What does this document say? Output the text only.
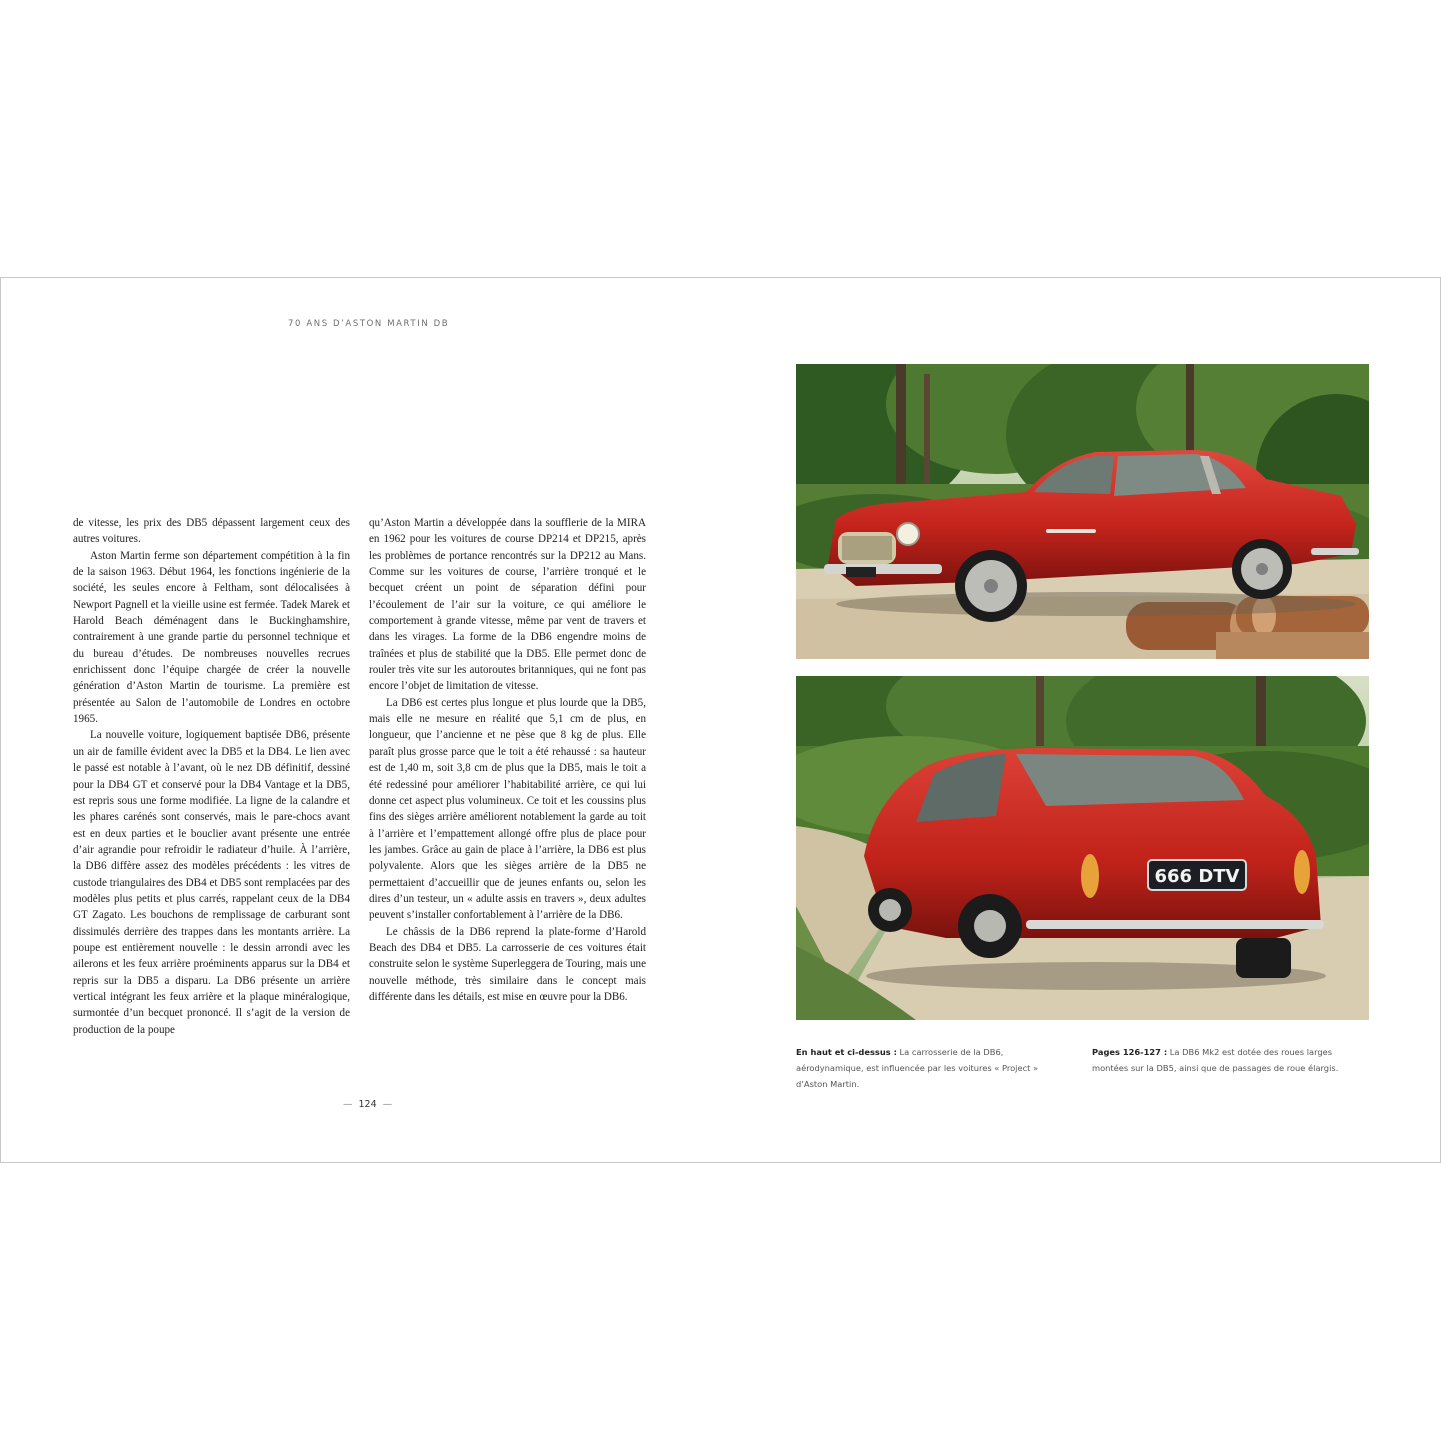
70 ANS D’ASTON MARTIN DB

de vitesse, les prix des DB5 dépassent largement ceux des autres voitures.

Aston Martin ferme son département compétition à la fin de la saison 1963. Début 1964, les fonctions ingénierie de la société, les seules encore à Feltham, sont délocalisées à Newport Pagnell et la vieille usine est fermée. Tadek Marek et Harold Beach déménagent dans le Buckinghamshire, contrairement à une grande partie du personnel technique et du bureau d’études. De nombreuses nouvelles recrues enrichissent donc l’équipe chargée de créer la nouvelle génération d’Aston Martin de tourisme. La première est présentée au Salon de l’automobile de Londres en octobre 1965.

La nouvelle voiture, logiquement baptisée DB6, présente un air de famille évident avec la DB5 et la DB4. Le lien avec le passé est notable à l’avant, où le nez DB définitif, dessiné pour la DB4 GT et conservé pour la DB4 Vantage et la DB5, est repris sous une forme modifiée. La ligne de la calandre et les phares carénés sont conservés, mais le pare-chocs avant est en deux parties et le bouclier avant présente une entrée d’air agrandie pour refroidir le radiateur d’huile. À l’arrière, la DB6 diffère assez des modèles précédents : les vitres de custode triangulaires des DB4 et DB5 sont remplacées par des modèles plus petits et plus carrés, rappelant ceux de la DB4 GT Zagato. Les bouchons de remplissage de carburant sont dissimulés derrière des trappes dans les montants arrière. La poupe est entièrement nouvelle : le dessin arrondi avec les ailerons et les feux arrière proéminents apparus sur la DB4 et repris sur la DB5 a disparu. La DB6 présente un arrière vertical intégrant les feux arrière et la plaque minéralogique, surmontée d’un becquet prononcé. Il s’agit de la version de production de la poupe

qu’Aston Martin a développée dans la soufflerie de la MIRA en 1962 pour les voitures de course DP214 et DP215, après les problèmes de portance rencontrés sur la DP212 au Mans. Comme sur les voitures de course, l’arrière tronqué et le becquet créent un point de séparation défini pour l’écoulement de l’air sur la voiture, ce qui améliore le comportement à grande vitesse, même par vent de travers et dans les virages. La forme de la DB6 engendre moins de traînées et plus de stabilité que la DB5. Elle permet donc de rouler très vite sur les autoroutes britanniques, qui ne font pas encore l’objet de limitation de vitesse.

La DB6 est certes plus longue et plus lourde que la DB5, mais elle ne mesure en réalité que 5,1 cm de plus, en longueur, que l’ancienne et ne pèse que 8 kg de plus. Elle paraît plus grosse parce que le toit a été rehaussé : sa hauteur est de 1,40 m, soit 3,8 cm de plus que la DB5, mais le toit a été redessiné pour améliorer l’habitabilité arrière, ce qui lui donne cet aspect plus volumineux. Ce toit et les coussins plus fins des sièges arrière améliorent notablement la garde au toit à l’arrière et l’empattement allongé offre plus de place pour les jambes. Grâce au gain de place à l’arrière, la DB6 est plus polyvalente. Alors que les sièges arrière de la DB5 ne permettaient d’accueillir que de jeunes enfants ou, selon les dires d’un testeur, un « adulte assis en travers », deux adultes peuvent s’installer confortablement à l’arrière de la DB6.

Le châssis de la DB6 reprend la plate-forme d’Harold Beach des DB4 et DB5. La carrosserie de ces voitures était construite selon le système Superleggera de Touring, mais une nouvelle méthode, très similaire dans le concept mais différente dans les détails, est mise en œuvre pour la DB6.

— 124 —
666 DTV
En haut et ci-dessus : La carrosserie de la DB6, aérodynamique, est influencée par les voitures « Project » d’Aston Martin.
Pages 126-127 : La DB6 Mk2 est dotée des roues larges montées sur la DB5, ainsi que de passages de roue élargis.
